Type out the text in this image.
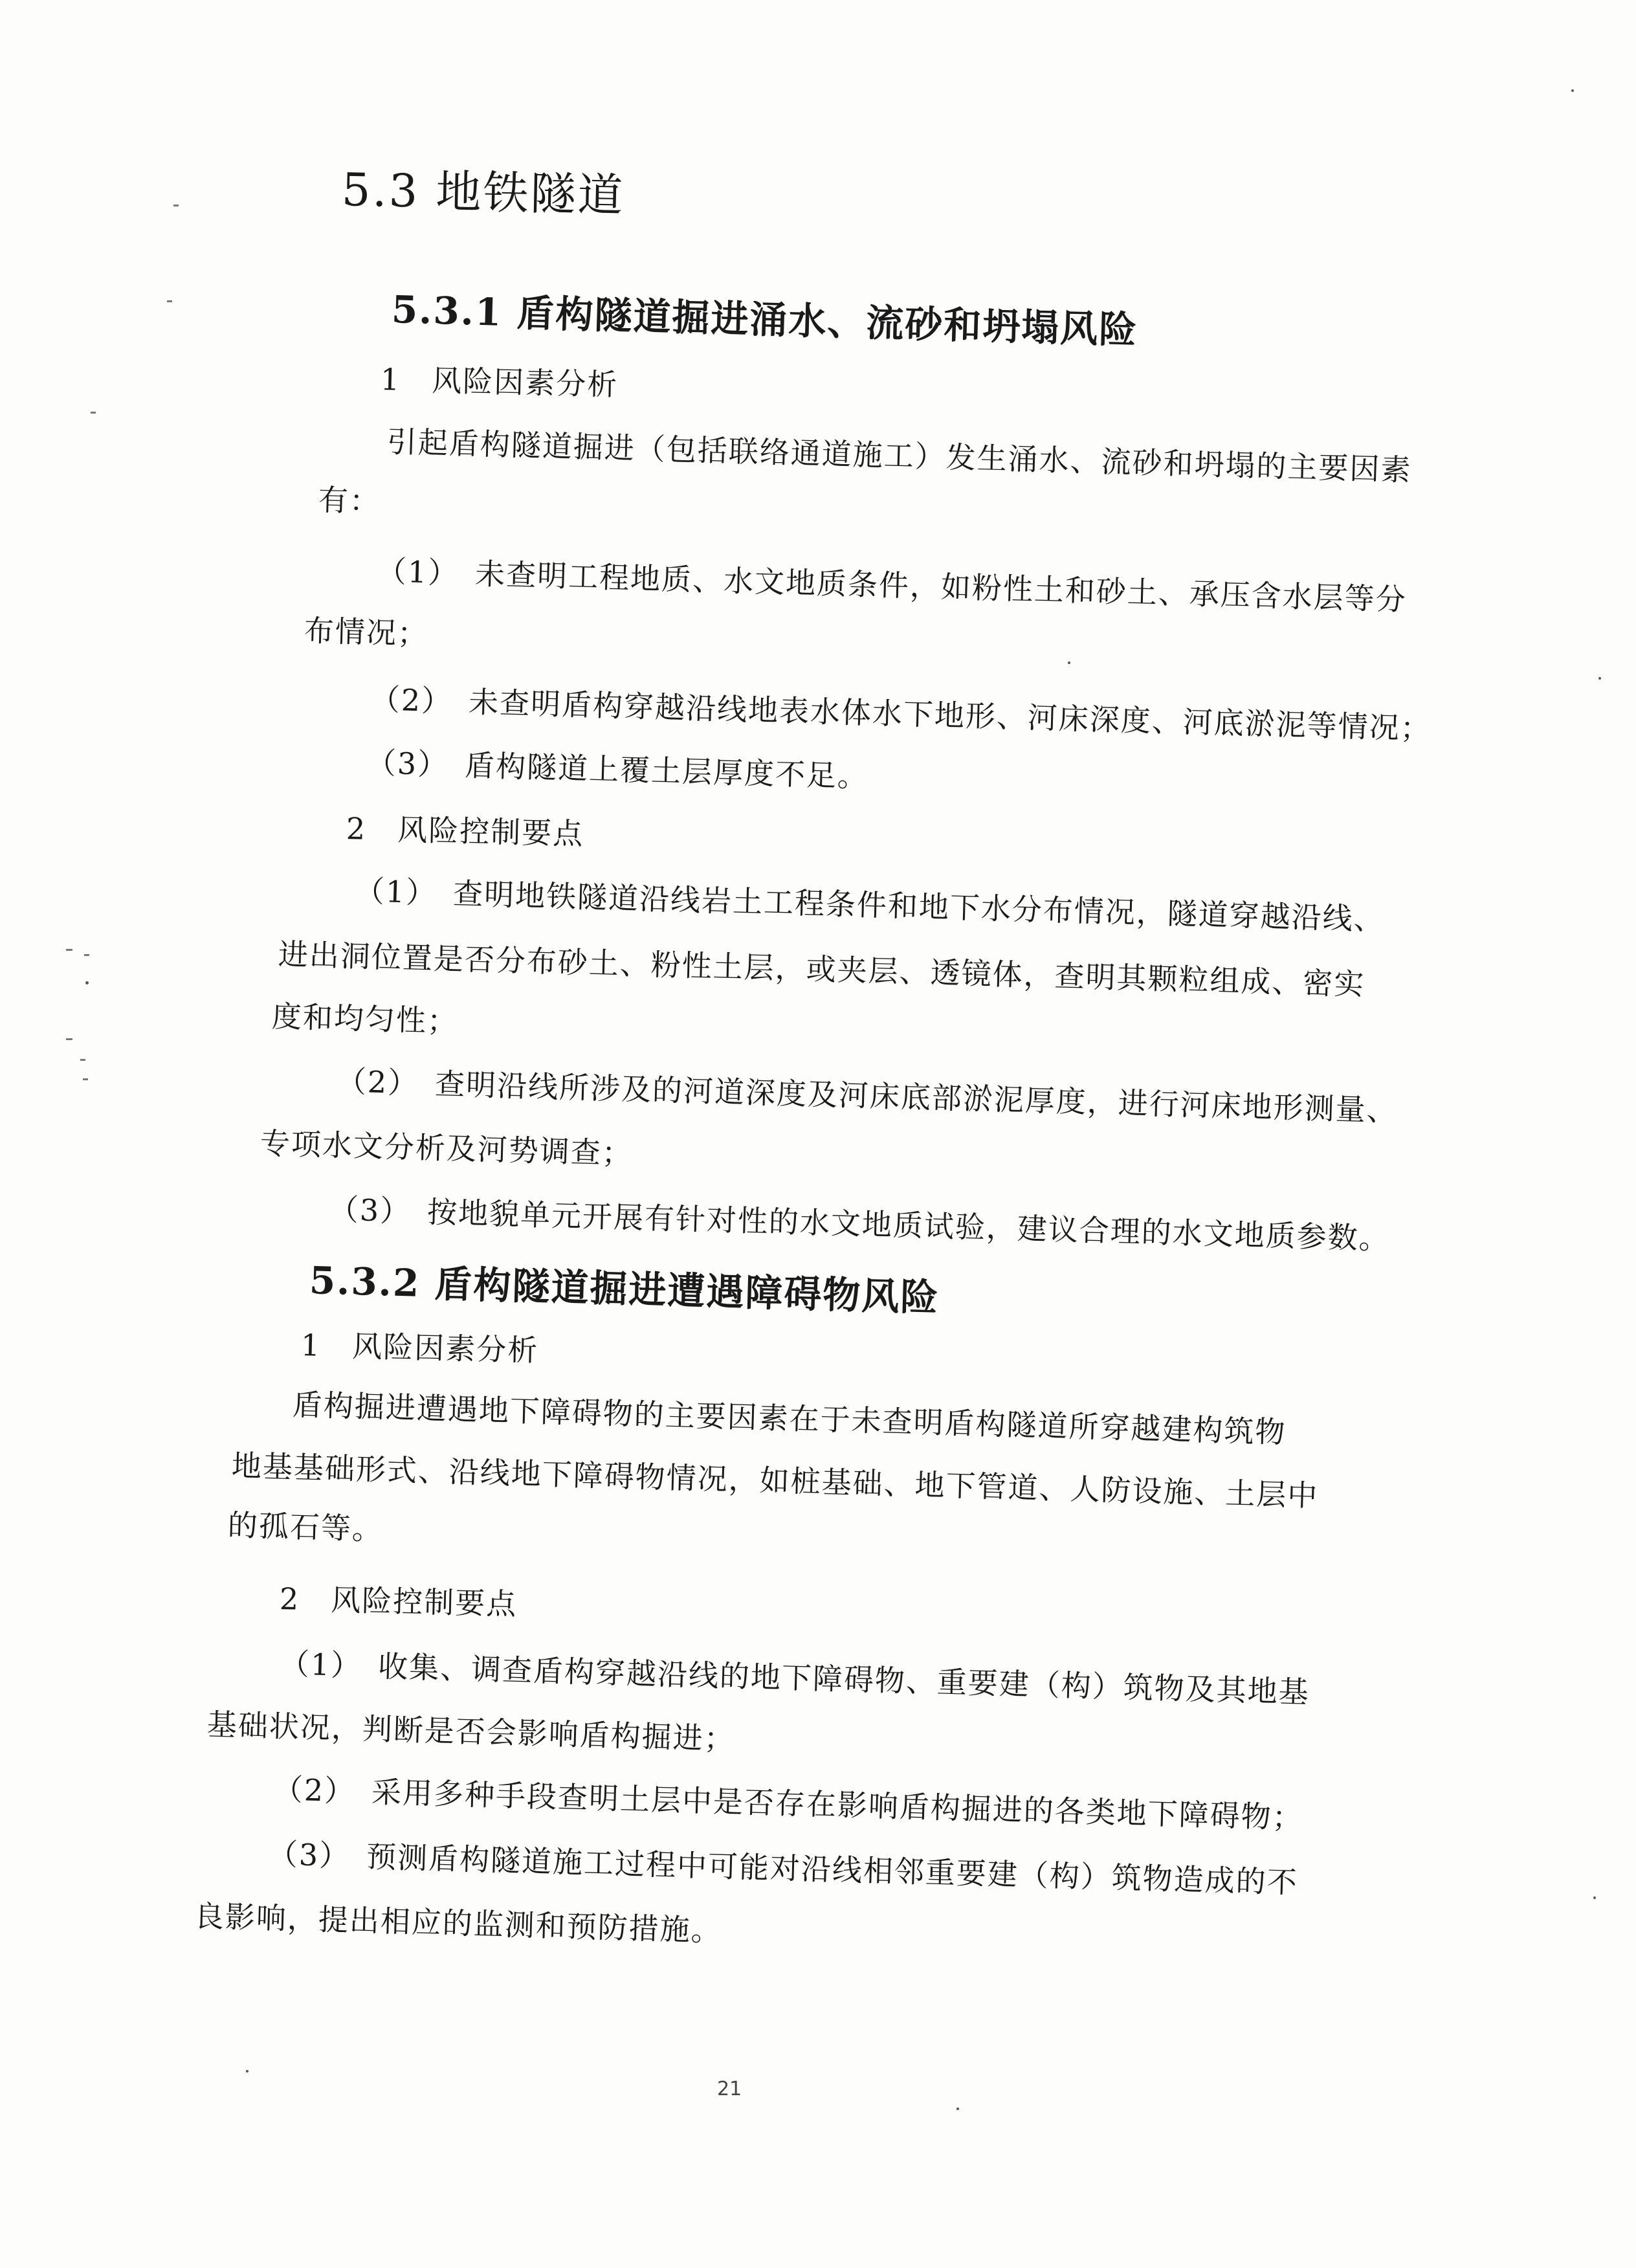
5.3 地铁隧道
5.3.1 盾构隧道掘进涌水、流砂和坍塌风险
1　风险因素分析
引起盾构隧道掘进（包括联络通道施工）发生涌水、流砂和坍塌的主要因素
有：
（1）　未查明工程地质、水文地质条件，如粉性土和砂土、承压含水层等分
布情况；
（2）　未查明盾构穿越沿线地表水体水下地形、河床深度、河底淤泥等情况；
（3）　盾构隧道上覆土层厚度不足。
2　风险控制要点
（1）　查明地铁隧道沿线岩土工程条件和地下水分布情况，隧道穿越沿线、
进出洞位置是否分布砂土、粉性土层，或夹层、透镜体，查明其颗粒组成、密实
度和均匀性；
（2）　查明沿线所涉及的河道深度及河床底部淤泥厚度，进行河床地形测量、
专项水文分析及河势调查；
（3）　按地貌单元开展有针对性的水文地质试验，建议合理的水文地质参数。
5.3.2 盾构隧道掘进遭遇障碍物风险
1　风险因素分析
盾构掘进遭遇地下障碍物的主要因素在于未查明盾构隧道所穿越建构筑物
地基基础形式、沿线地下障碍物情况，如桩基础、地下管道、人防设施、土层中
的孤石等。
2　风险控制要点
（1）　收集、调查盾构穿越沿线的地下障碍物、重要建（构）筑物及其地基
基础状况，判断是否会影响盾构掘进；
（2）　采用多种手段查明土层中是否存在影响盾构掘进的各类地下障碍物；
（3）　预测盾构隧道施工过程中可能对沿线相邻重要建（构）筑物造成的不
良影响，提出相应的监测和预防措施。
21
